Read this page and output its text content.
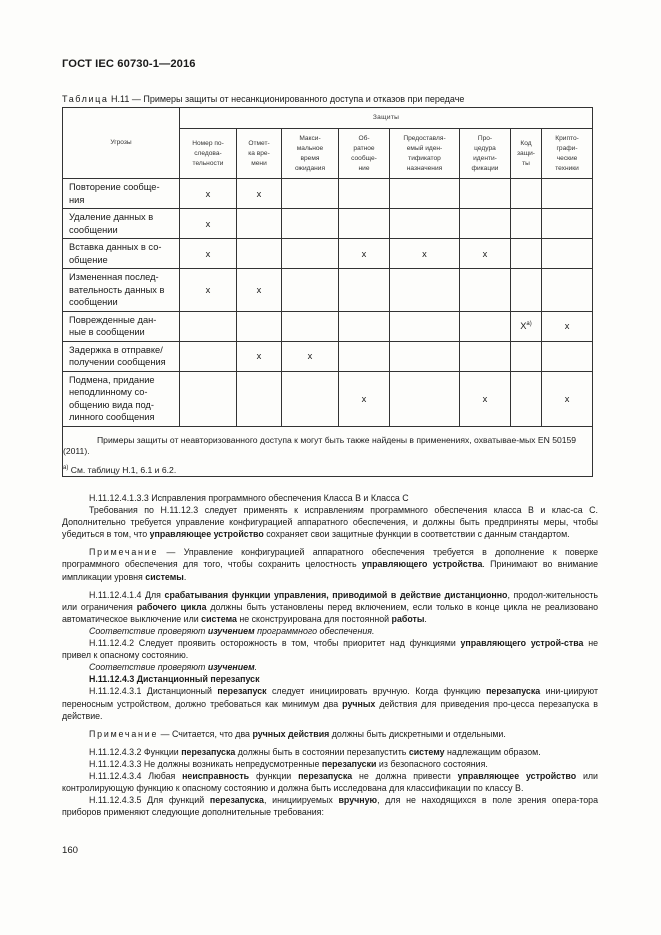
ГОСТ IEC 60730-1—2016
Таблица Н.11 — Примеры защиты от несанкционированного доступа и отказов при передаче
Угрозы	Защиты							
	Номер по-
следова-
тельности	Отмет-
ка вре-
мени	Макси-
мальное
время
ожидания	Об-
ратное
сообще-
ние	Предоставля-
емый иден-
тификатор
назначения	Про-
цедура
иденти-
фикации	Код
защи-
ты	Крипто-
графи-
ческие
техники
Повторение сообще-
ния	x	x						
Удаление данных в
сообщении	x							
Вставка данных в со-
общение	x			x	x	x		
Измененная послед-
вательность данных в
сообщении	x	x						
Поврежденные дан-
ные в сообщении							$X^{а)}$	x
Задержка в отправке/
получении сообщения		x	x					
Подмена, придание
неподлинному со-
общению вида под-
линного сообщения				x		x		x

Примеры защиты от неавторизованного доступа к могут быть также найдены в применениях, охватывае-мых EN 50159 (2011).

$^{а)}$ См. таблицу Н.1, 6.1 и 6.2.								

Н.11.12.4.1.3.3 Исправления программного обеспечения Класса В и Класса С

Требования по Н.11.12.3 следует применять к исправлениям программного обеспечения класса В и клас-са С. Дополнительно требуется управление конфигурацией аппаратного обеспечения, и должны быть предприняты меры, чтобы убедиться в том, что управляющее устройство сохраняет свои защитные функции в соответствии с данным стандартом.

Примечание — Управление конфигурацией аппаратного обеспечения требуется в дополнение к поверке программного обеспечения для того, чтобы сохранить целостность управляющего устройства. Принимают во внимание импликации уровня системы.

Н.11.12.4.1.4 Для срабатывания функции управления, приводимой в действие дистанционно, продол-жительность или ограничения рабочего цикла должны быть установлены перед включением, если только в конце цикла не реализовано автоматическое выключение или система не сконструирована для постоянной работы.

Соответствие проверяют изучением программного обеспечения.

Н.11.12.4.2 Следует проявить осторожность в том, чтобы приоритет над функциями управляющего устрой-ства не привел к опасному состоянию.

Соответствие проверяют изучением.

Н.11.12.4.3 Дистанционный перезапуск

Н.11.12.4.3.1 Дистанционный перезапуск следует инициировать вручную. Когда функцию перезапуска ини-циируют переносным устройством, должно требоваться как минимум два ручных действия для приведения про-цесса перезапуска в действие.

Примечание — Считается, что два ручных действия должны быть дискретными и отдельными.

Н.11.12.4.3.2 Функции перезапуска должны быть в состоянии перезапустить систему надлежащим образом.

Н.11.12.4.3.3 Не должны возникать непредусмотренные перезапуски из безопасного состояния.

Н.11.12.4.3.4 Любая неисправность функции перезапуска не должна привести управляющее устройство или контролирующую функцию к опасному состоянию и должна быть исследована для классификации по классу В.

Н.11.12.4.3.5 Для функций перезапуска, инициируемых вручную, для не находящихся в поле зрения опера-тора приборов применяют следующие дополнительные требования:

160
